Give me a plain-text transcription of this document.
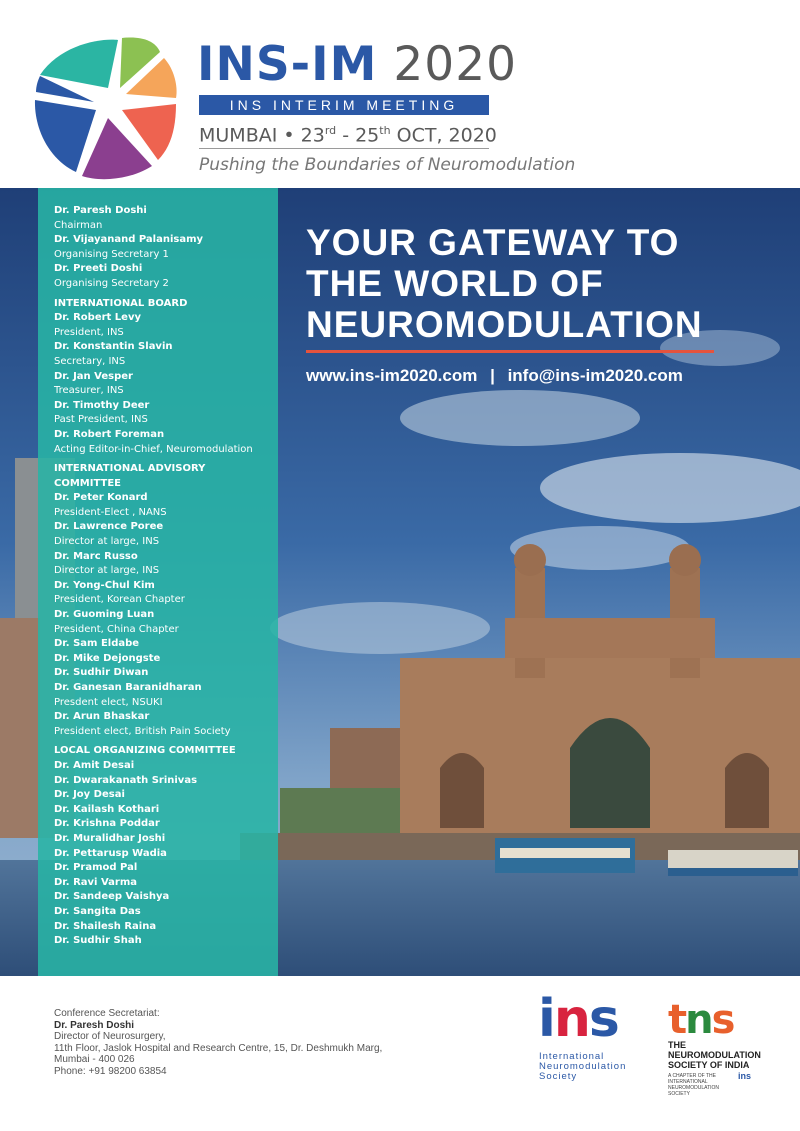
INS-IM 2020
INS INTERIM MEETING
MUMBAI • 23rd - 25th OCT, 2020
Pushing the Boundaries of Neuromodulation
Dr. Paresh Doshi
Chairman
Dr. Vijayanand Palanisamy
Organising Secretary 1
Dr. Preeti Doshi
Organising Secretary 2
INTERNATIONAL BOARD
Dr. Robert Levy
President, INS
Dr. Konstantin Slavin
Secretary, INS
Dr. Jan Vesper
Treasurer, INS
Dr. Timothy Deer
Past President, INS
Dr. Robert Foreman
Acting Editor-in-Chief, Neuromodulation
INTERNATIONAL ADVISORY COMMITTEE
Dr. Peter Konard
President-Elect , NANS
Dr. Lawrence Poree
Director at large, INS
Dr. Marc Russo
Director at large, INS
Dr. Yong-Chul Kim
President, Korean Chapter
Dr. Guoming Luan
President, China Chapter
Dr. Sam Eldabe
Dr. Mike Dejongste
Dr. Sudhir Diwan
Dr. Ganesan Baranidharan
Presdent elect, NSUKI
Dr. Arun Bhaskar
President elect, British Pain Society
LOCAL ORGANIZING COMMITTEE
Dr. Amit Desai
Dr. Dwarakanath Srinivas
Dr. Joy Desai
Dr. Kailash Kothari
Dr. Krishna Poddar
Dr. Muralidhar Joshi
Dr. Pettarusp Wadia
Dr. Pramod Pal
Dr. Ravi Varma
Dr. Sandeep Vaishya
Dr. Sangita Das
Dr. Shailesh Raina
Dr. Sudhir Shah
YOUR GATEWAY TO
THE WORLD OF
NEUROMODULATION
www.ins-im2020.com | info@ins-im2020.com
Conference Secretariat:
Dr. Paresh Doshi
Director of Neurosurgery,
11th Floor, Jaslok Hospital and Research Centre, 15, Dr. Deshmukh Marg,
Mumbai - 400 026
Phone: +91 98200 63854
ins
International
Neuromodulation
Society
tns
THE
NEUROMODULATION
SOCIETY OF INDIA
A CHAPTER OF THE INTERNATIONAL NEUROMODULATION SOCIETY
ins
